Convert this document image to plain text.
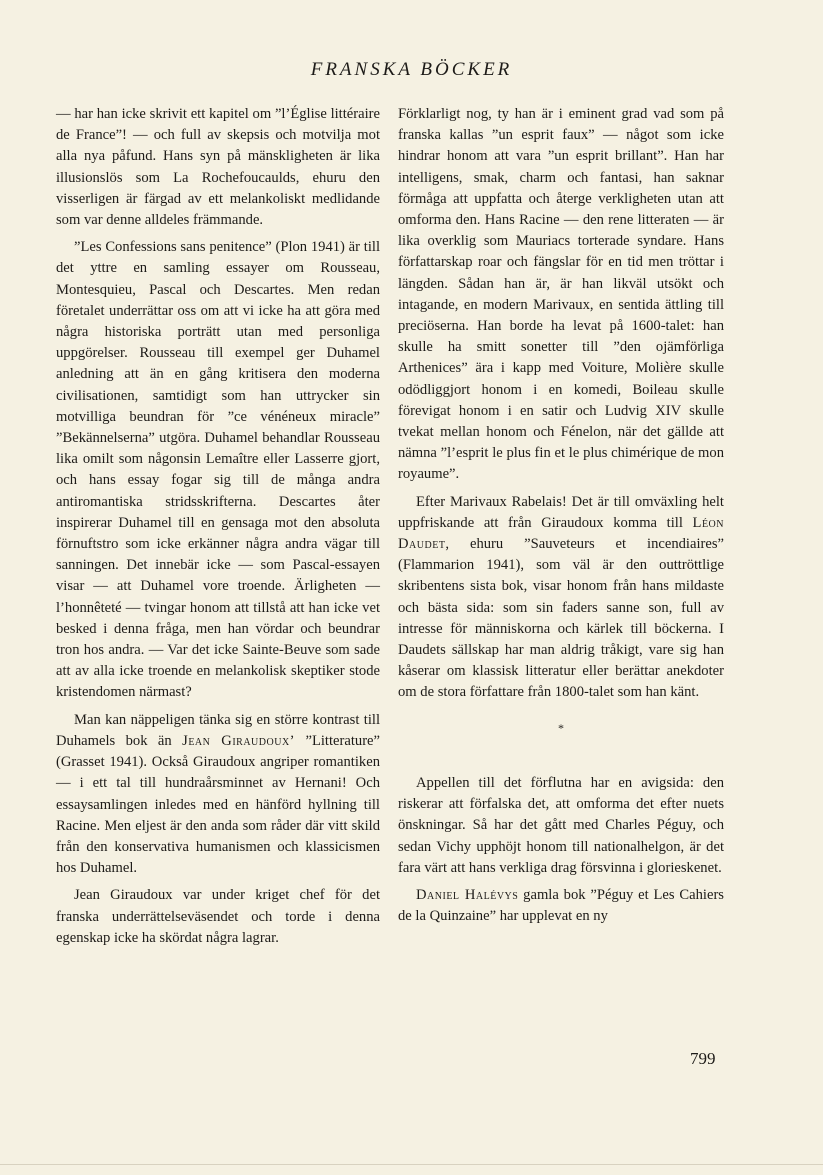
FRANSKA BÖCKER

— har han icke skrivit ett kapitel om ”l’Église littéraire de France”! — och full av skepsis och motvilja mot alla nya påfund. Hans syn på mänskligheten är lika illusionslös som La Rochefoucaulds, ehuru den visserligen är färgad av ett melankoliskt medlidande som var denne alldeles främmande.

”Les Confessions sans penitence” (Plon 1941) är till det yttre en samling essayer om Rousseau, Montesquieu, Pascal och Descartes. Men redan företalet underrättar oss om att vi icke ha att göra med några historiska porträtt utan med personliga uppgörelser. Rousseau till exempel ger Duhamel anledning att än en gång kritisera den moderna civilisationen, samtidigt som han uttrycker sin motvilliga beundran för ”ce vénéneux miracle” ”Bekännelserna” utgöra. Duhamel behandlar Rousseau lika omilt som någonsin Lemaître eller Lasserre gjort, och hans essay fogar sig till de många andra antiromantiska stridsskrifterna. Descartes åter inspirerar Duhamel till en gensaga mot den absoluta förnuftstro som icke erkänner några andra vägar till sanningen. Det innebär icke — som Pascal-essayen visar — att Duhamel vore troende. Ärligheten — l’honnêteté — tvingar honom att tillstå att han icke vet besked i denna fråga, men han vördar och beundrar tron hos andra. — Var det icke Sainte-Beuve som sade att av alla icke troende en melankolisk skeptiker stode kristendomen närmast?

Man kan näppeligen tänka sig en större kontrast till Duhamels bok än Jean Giraudoux’ ”Litterature” (Grasset 1941). Också Giraudoux angriper romantiken — i ett tal till hundraårsminnet av Hernani! Och essaysamlingen inledes med en hänförd hyllning till Racine. Men eljest är den anda som råder där vitt skild från den konservativa humanismen och klassicismen hos Duhamel.

Jean Giraudoux var under kriget chef för det franska underrättelseväsendet och torde i denna egenskap icke ha skördat några lagrar.

Förklarligt nog, ty han är i eminent grad vad som på franska kallas ”un esprit faux” — något som icke hindrar honom att vara ”un esprit brillant”. Han har intelligens, smak, charm och fantasi, han saknar förmåga att uppfatta och återge verkligheten utan att omforma den. Hans Racine — den rene litteraten — är lika overklig som Mauriacs torterade syndare. Hans författarskap roar och fängslar för en tid men tröttar i längden. Sådan han är, är han likväl utsökt och intagande, en modern Marivaux, en sentida ättling till preciöserna. Han borde ha levat på 1600-talet: han skulle ha smitt sonetter till ”den ojämförliga Arthenices” ära i kapp med Voiture, Molière skulle odödliggjort honom i en komedi, Boileau skulle förevigat honom i en satir och Ludvig XIV skulle tvekat mellan honom och Fénelon, när det gällde att nämna ”l’esprit le plus fin et le plus chimérique de mon royaume”.

Efter Marivaux Rabelais! Det är till omväxling helt uppfriskande att från Giraudoux komma till Léon Daudet, ehuru ”Sauveteurs et incendiaires” (Flammarion 1941), som väl är den outtröttlige skribentens sista bok, visar honom från hans mildaste och bästa sida: som sin faders sanne son, full av intresse för människorna och kärlek till böckerna. I Daudets sällskap har man aldrig tråkigt, vare sig han kåserar om klassisk litteratur eller berättar anekdoter om de stora författare från 1800-talet som han känt.

*

Appellen till det förflutna har en avigsida: den riskerar att förfalska det, att omforma det efter nuets önskningar. Så har det gått med Charles Péguy, och sedan Vichy upphöjt honom till nationalhelgon, är det fara värt att hans verkliga drag försvinna i glorieskenet.

Daniel Halévys gamla bok ”Péguy et Les Cahiers de la Quinzaine” har upplevat en ny

799
